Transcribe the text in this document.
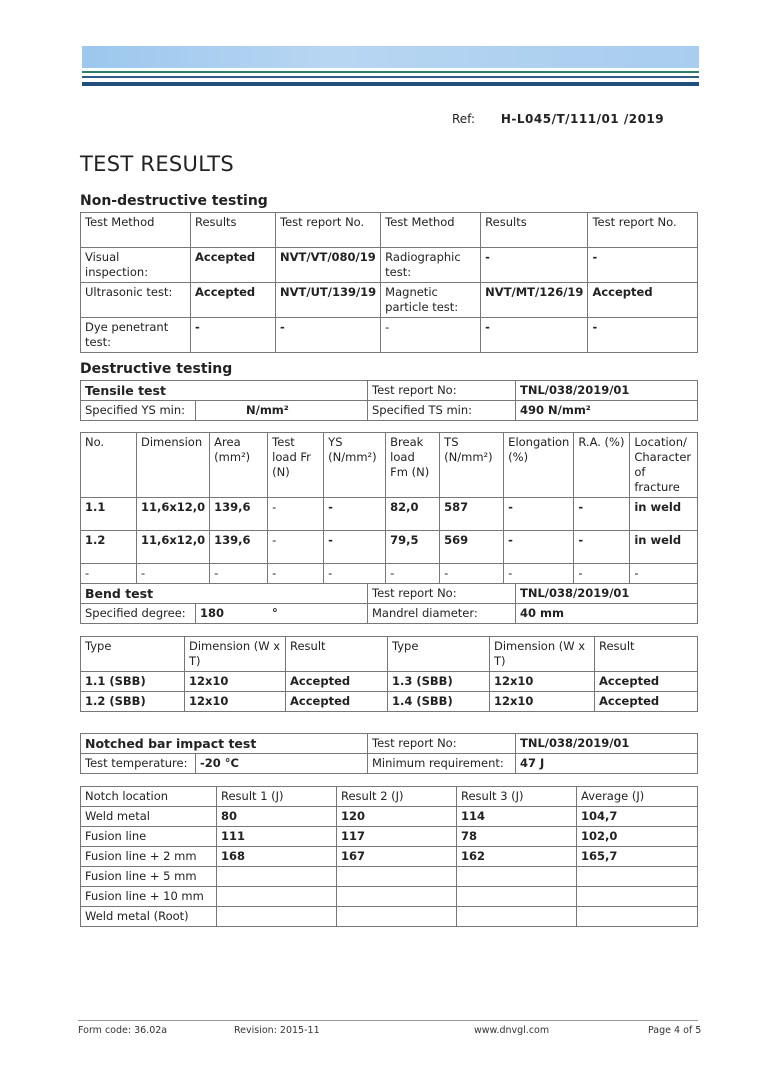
Ref: H-L045/T/111/01 /2019
TEST RESULTS
Non-destructive testing
Test Method	Results	Test report No.	Test Method	Results	Test report No.
Visual inspection:	Accepted	NVT/VT/080/19	Radiographic test:	-	-
Ultrasonic test:	Accepted	NVT/UT/139/19	Magnetic particle test:	NVT/MT/126/19	Accepted
Dye penetrant test:	-	-	-	-	-
Destructive testing
Tensile test		Test report No:	TNL/038/2019/01
Specified YS min:	N/mm²	Specified TS min:	490 N/mm²
No.	Dimension	Area (mm²)	Test load Fr (N)	YS (N/mm²)	Break load Fm (N)	TS (N/mm²)	Elongation (%)	R.A. (%)	Location/ Character of fracture
1.1	11,6x12,0	139,6	-	-	82,0	587	-	-	in weld
1.2	11,6x12,0	139,6	-	-	79,5	569	-	-	in weld
-	-	-	-	-	-	-	-	-	-
Bend test		Test report No:	TNL/038/2019/01
Specified degree:	180 °	Mandrel diameter:	40 mm
Type	Dimension (W x T)	Result	Type	Dimension (W x T)	Result
1.1 (SBB)	12x10	Accepted	1.3 (SBB)	12x10	Accepted
1.2 (SBB)	12x10	Accepted	1.4 (SBB)	12x10	Accepted
Notched bar impact test		Test report No:	TNL/038/2019/01
Test temperature:	-20 °C	Minimum requirement:	47 J
Notch location	Result 1 (J)	Result 2 (J)	Result 3 (J)	Average (J)
Weld metal	80	120	114	104,7
Fusion line	111	117	78	102,0
Fusion line + 2 mm	168	167	162	165,7
Fusion line + 5 mm				
Fusion line + 10 mm				
Weld metal (Root)				
Form code: 36.02a	Revision: 2015-11	www.dnvgl.com	Page 4 of 5
